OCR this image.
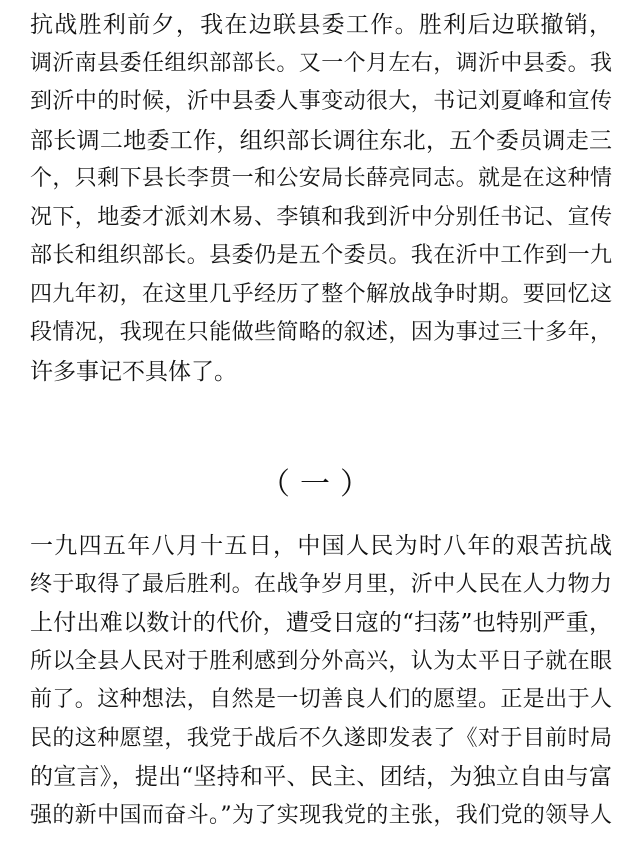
抗战胜利前夕，我在边联县委工作。胜利后边联撤销，
调沂南县委任组织部部长。又一个月左右，调沂中县委。我
到沂中的时候，沂中县委人事变动很大，书记刘夏峰和宣传
部长调二地委工作，组织部长调往东北，五个委员调走三
个，只剩下县长李贯一和公安局长薛亮同志。就是在这种情
况下，地委才派刘木易、李镇和我到沂中分别任书记、宣传
部长和组织部长。县委仍是五个委员。我在沂中工作到一九
四九年初，在这里几乎经历了整个解放战争时期。要回忆这
段情况，我现在只能做些简略的叙述，因为事过三十多年，
许多事记不具体了。
（一）
一九四五年八月十五日，中国人民为时八年的艰苦抗战
终于取得了最后胜利。在战争岁月里，沂中人民在人力物力
上付出难以数计的代价，遭受日寇的“扫荡”也特别严重，
所以全县人民对于胜利感到分外高兴，认为太平日子就在眼
前了。这种想法，自然是一切善良人们的愿望。正是出于人
民的这种愿望，我党于战后不久遂即发表了《对于目前时局
的宣言》，提出“坚持和平、民主、团结，为独立自由与富
强的新中国而奋斗。”为了实现我党的主张，我们党的领导人
